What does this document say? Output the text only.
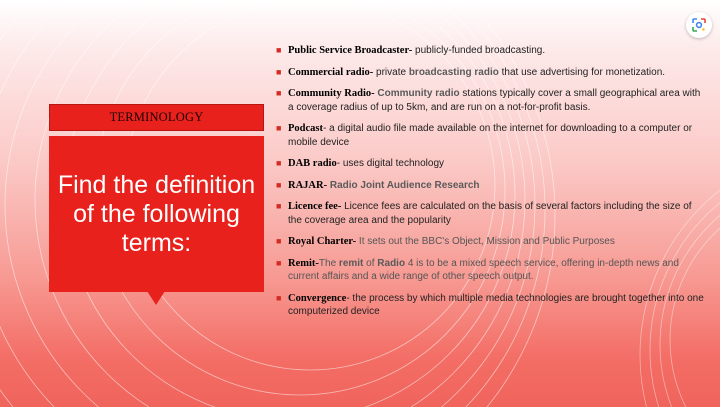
TERMINOLOGY
Find the definition of the following terms:
■ Public Service Broadcaster- publicly-funded broadcasting.
■ Commercial radio- private broadcasting radio that use advertising for monetization.
■ Community Radio- Community radio stations typically cover a small geographical area with a coverage radius of up to 5km, and are run on a not-for-profit basis.
■ Podcast- a digital audio file made available on the internet for downloading to a computer or mobile device
■ DAB radio- uses digital technology
■ RAJAR- Radio Joint Audience Research
■ Licence fee- Licence fees are calculated on the basis of several factors including the size of the coverage area and the popularity
■ Royal Charter- It sets out the BBC's Object, Mission and Public Purposes
■ Remit-The remit of Radio 4 is to be a mixed speech service, offering in-depth news and current affairs and a wide range of other speech output.
■ Convergence- the process by which multiple media technologies are brought together into one computerized device
